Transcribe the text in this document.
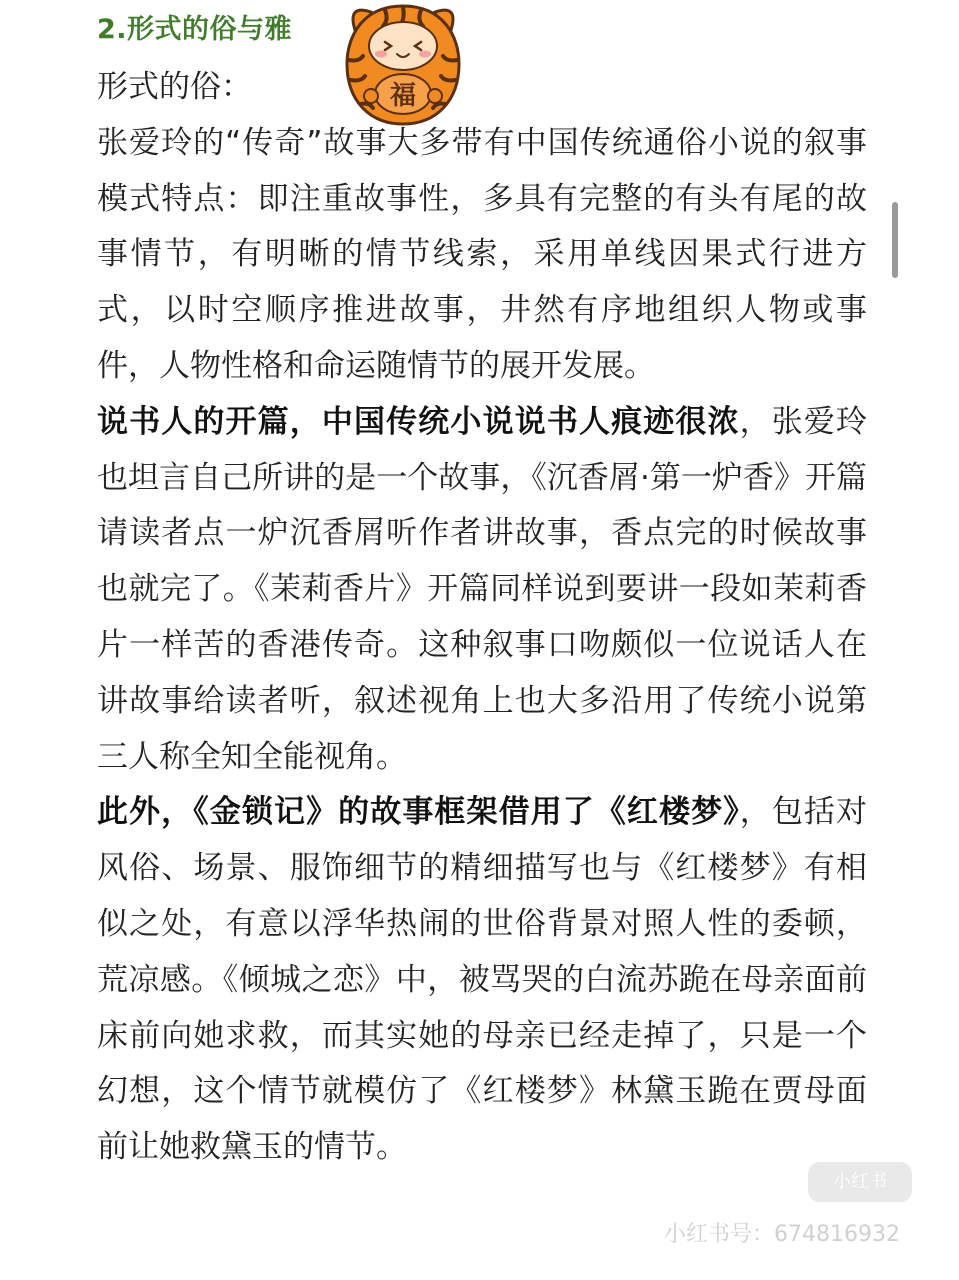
2.形式的俗与雅
福

形式的俗：

张爱玲的“传奇”故事大多带有中国传统通俗小说的叙事模式特点：即注重故事性，多具有完整的有头有尾的故事情节，有明晰的情节线索，采用单线因果式行进方式，以时空顺序推进故事，井然有序地组织人物或事件，人物性格和命运随情节的展开发展。

说书人的开篇，中国传统小说说书人痕迹很浓，张爱玲也坦言自己所讲的是一个故事，《沉香屑·第一炉香》开篇请读者点一炉沉香屑听作者讲故事，香点完的时候故事也就完了。《茉莉香片》开篇同样说到要讲一段如茉莉香片一样苦的香港传奇。这种叙事口吻颇似一位说话人在讲故事给读者听，叙述视角上也大多沿用了传统小说第三人称全知全能视角。

此外，《金锁记》的故事框架借用了《红楼梦》，包括对风俗、场景、服饰细节的精细描写也与《红楼梦》有相似之处，有意以浮华热闹的世俗背景对照人性的委顿，荒凉感。《倾城之恋》中，被骂哭的白流苏跪在母亲面前床前向她求救，而其实她的母亲已经走掉了，只是一个幻想，这个情节就模仿了《红楼梦》林黛玉跪在贾母面前让她救黛玉的情节。

小红书
小红书号：674816932
